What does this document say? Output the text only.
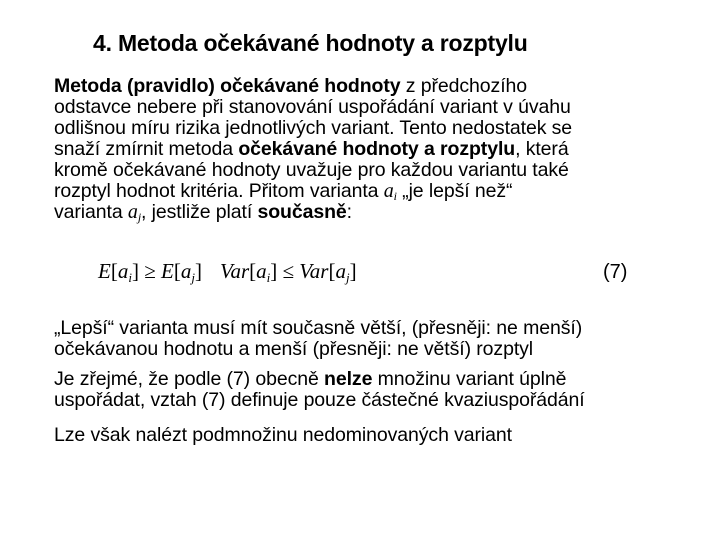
4. Metoda očekávané hodnoty a rozptylu
Metoda (pravidlo) očekávané hodnoty z předchozího
odstavce nebere při stanovování uspořádání variant v úvahu
odlišnou míru rizika jednotlivých variant. Tento nedostatek se
snaží zmírnit metoda očekávané hodnoty a rozptylu, která
kromě očekávané hodnoty uvažuje pro každou variantu také
rozptyl hodnot kritéria. Přitom varianta $a_i$ „je lepší než“
varianta $a_j$, jestliže platí současně:
$E[a_i] \ge E[a_j] Var[a_i] \le Var[a_j]$	(7)
„Lepší“ varianta musí mít současně větší, (přesněji: ne menší)
očekávanou hodnotu a menší (přesněji: ne větší) rozptyl
Je zřejmé, že podle (7) obecně nelze množinu variant úplně
uspořádat, vztah (7) definuje pouze částečné kvaziuspořádání
Lze však nalézt podmnožinu nedominovaných variant
